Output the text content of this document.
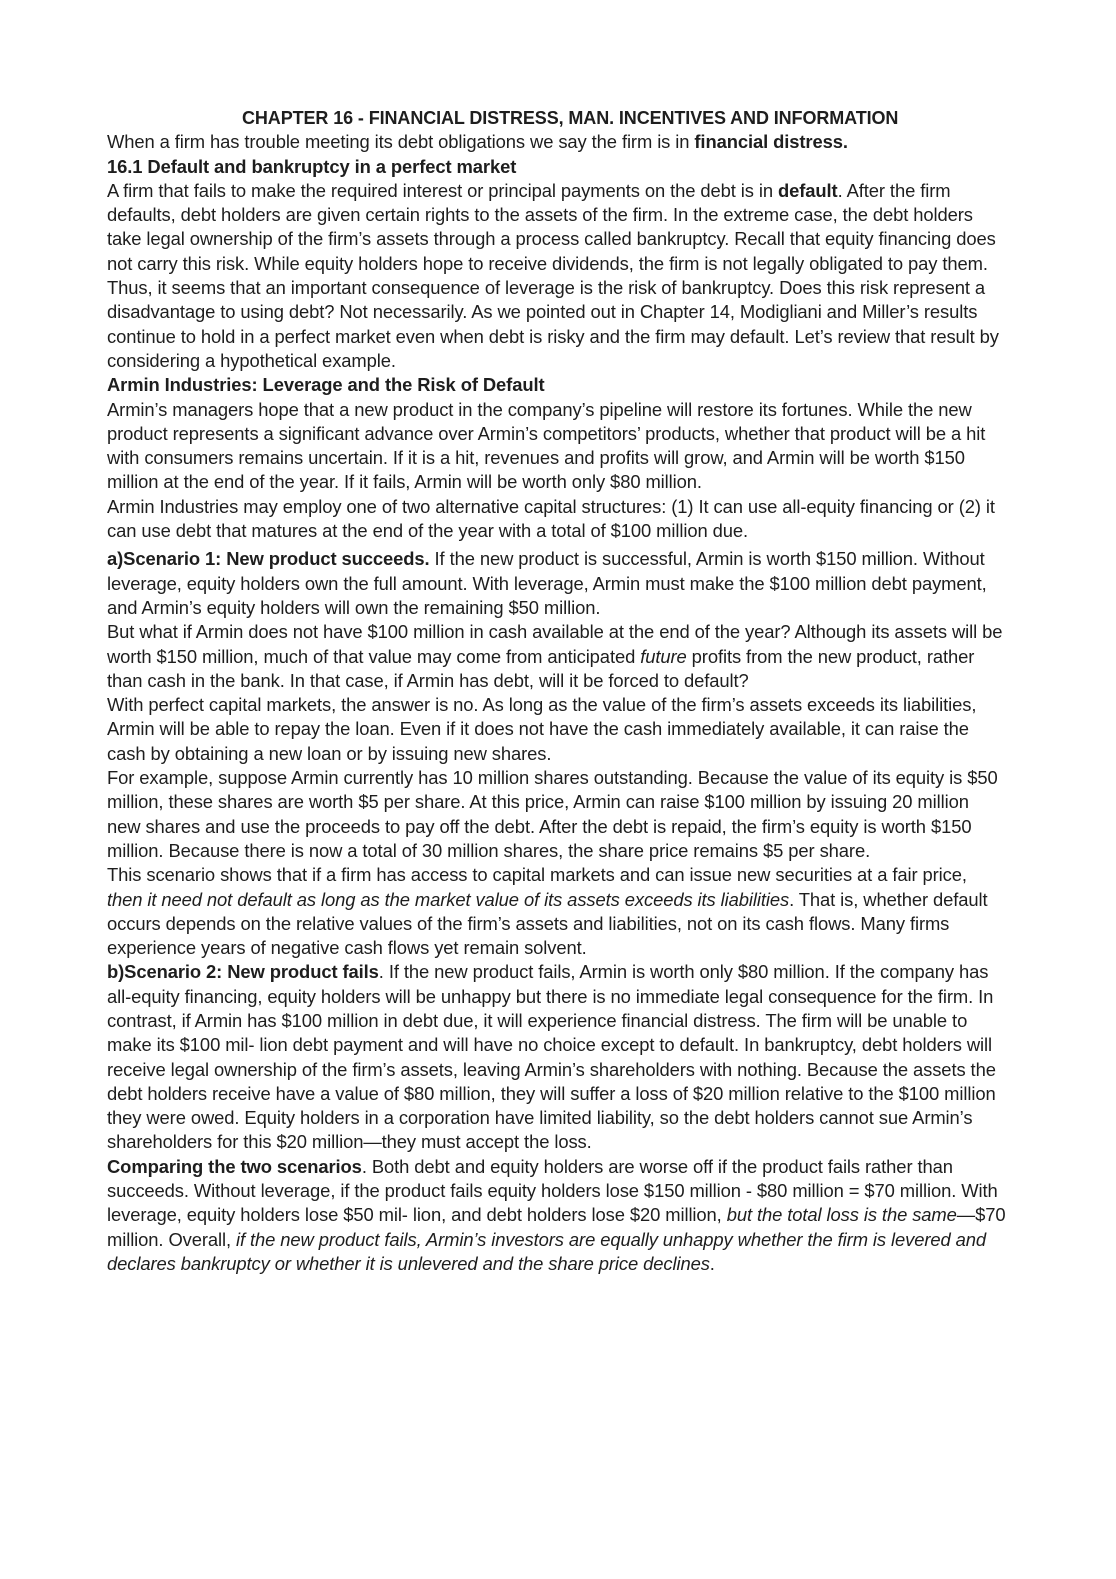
CHAPTER 16 - FINANCIAL DISTRESS, MAN. INCENTIVES AND INFORMATION

When a firm has trouble meeting its debt obligations we say the firm is in financial distress.

16.1 Default and bankruptcy in a perfect market

A firm that fails to make the required interest or principal payments on the debt is in default. After the firm defaults, debt holders are given certain rights to the assets of the firm. In the extreme case, the debt holders take legal ownership of the firm’s assets through a process called bankruptcy. Recall that equity financing does not carry this risk. While equity holders hope to receive dividends, the firm is not legally obligated to pay them.

Thus, it seems that an important consequence of leverage is the risk of bankruptcy. Does this risk represent a disadvantage to using debt? Not necessarily. As we pointed out in Chapter 14, Modigliani and Miller’s results continue to hold in a perfect market even when debt is risky and the firm may default. Let’s review that result by considering a hypothetical example.

Armin Industries: Leverage and the Risk of Default

Armin’s managers hope that a new product in the company’s pipeline will restore its fortunes. While the new product represents a significant advance over Armin’s competitors’ products, whether that product will be a hit with consumers remains uncertain. If it is a hit, revenues and profits will grow, and Armin will be worth $150 million at the end of the year. If it fails, Armin will be worth only $80 million.

Armin Industries may employ one of two alternative capital structures: (1) It can use all-equity financing or (2) it can use debt that matures at the end of the year with a total of $100 million due.

a)Scenario 1: New product succeeds. If the new product is successful, Armin is worth $150 million. Without leverage, equity holders own the full amount. With leverage, Armin must make the $100 million debt payment, and Armin’s equity holders will own the remaining $50 million.

But what if Armin does not have $100 million in cash available at the end of the year? Although its assets will be worth $150 million, much of that value may come from anticipated future profits from the new product, rather than cash in the bank. In that case, if Armin has debt, will it be forced to default?

With perfect capital markets, the answer is no. As long as the value of the firm’s assets exceeds its liabilities, Armin will be able to repay the loan. Even if it does not have the cash immediately available, it can raise the cash by obtaining a new loan or by issuing new shares.

For example, suppose Armin currently has 10 million shares outstanding. Because the value of its equity is $50 million, these shares are worth $5 per share. At this price, Armin can raise $100 million by issuing 20 million new shares and use the proceeds to pay off the debt. After the debt is repaid, the firm’s equity is worth $150 million. Because there is now a total of 30 million shares, the share price remains $5 per share.

This scenario shows that if a firm has access to capital markets and can issue new securities at a fair price, then it need not default as long as the market value of its assets exceeds its liabilities. That is, whether default occurs depends on the relative values of the firm’s assets and liabilities, not on its cash flows. Many firms experience years of negative cash flows yet remain solvent.

b)Scenario 2: New product fails. If the new product fails, Armin is worth only $80 million. If the company has all-equity financing, equity holders will be unhappy but there is no immediate legal consequence for the firm. In contrast, if Armin has $100 million in debt due, it will experience financial distress. The firm will be unable to make its $100 mil- lion debt payment and will have no choice except to default. In bankruptcy, debt holders will receive legal ownership of the firm’s assets, leaving Armin’s shareholders with nothing. Because the assets the debt holders receive have a value of $80 million, they will suffer a loss of $20 million relative to the $100 million they were owed. Equity holders in a corporation have limited liability, so the debt holders cannot sue Armin’s shareholders for this $20 million—they must accept the loss.

Comparing the two scenarios. Both debt and equity holders are worse off if the product fails rather than succeeds. Without leverage, if the product fails equity holders lose $150 million - $80 million = $70 million. With leverage, equity holders lose $50 mil- lion, and debt holders lose $20 million, but the total loss is the same—$70 million. Overall, if the new product fails, Armin’s investors are equally unhappy whether the firm is levered and declares bankruptcy or whether it is unlevered and the share price declines.
